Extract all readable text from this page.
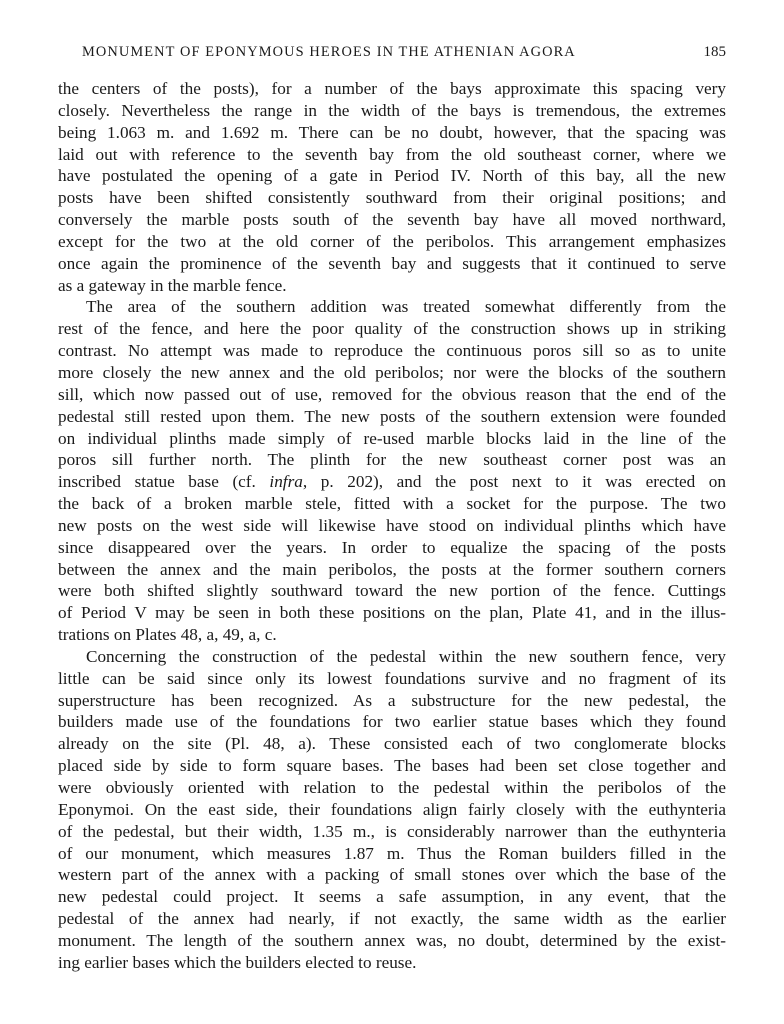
MONUMENT OF EPONYMOUS HEROES IN THE ATHENIAN AGORA	185

the centers of the posts), for a number of the bays approximate this spacing very
closely. Nevertheless the range in the width of the bays is tremendous, the extremes
being 1.063 m. and 1.692 m. There can be no doubt, however, that the spacing was
laid out with reference to the seventh bay from the old southeast corner, where we
have postulated the opening of a gate in Period IV. North of this bay, all the new
posts have been shifted consistently southward from their original positions; and
conversely the marble posts south of the seventh bay have all moved northward,
except for the two at the old corner of the peribolos. This arrangement emphasizes
once again the prominence of the seventh bay and suggests that it continued to serve
as a gateway in the marble fence.

The area of the southern addition was treated somewhat differently from the
rest of the fence, and here the poor quality of the construction shows up in striking
contrast. No attempt was made to reproduce the continuous poros sill so as to unite
more closely the new annex and the old peribolos; nor were the blocks of the southern
sill, which now passed out of use, removed for the obvious reason that the end of the
pedestal still rested upon them. The new posts of the southern extension were founded
on individual plinths made simply of re-used marble blocks laid in the line of the
poros sill further north. The plinth for the new southeast corner post was an
inscribed statue base (cf. infra, p. 202), and the post next to it was erected on
the back of a broken marble stele, fitted with a socket for the purpose. The two
new posts on the west side will likewise have stood on individual plinths which have
since disappeared over the years. In order to equalize the spacing of the posts
between the annex and the main peribolos, the posts at the former southern corners
were both shifted slightly southward toward the new portion of the fence. Cuttings
of Period V may be seen in both these positions on the plan, Plate 41, and in the illus-
trations on Plates 48, a, 49, a, c.

Concerning the construction of the pedestal within the new southern fence, very
little can be said since only its lowest foundations survive and no fragment of its
superstructure has been recognized. As a substructure for the new pedestal, the
builders made use of the foundations for two earlier statue bases which they found
already on the site (Pl. 48, a). These consisted each of two conglomerate blocks
placed side by side to form square bases. The bases had been set close together and
were obviously oriented with relation to the pedestal within the peribolos of the
Eponymoi. On the east side, their foundations align fairly closely with the euthynteria
of the pedestal, but their width, 1.35 m., is considerably narrower than the euthynteria
of our monument, which measures 1.87 m. Thus the Roman builders filled in the
western part of the annex with a packing of small stones over which the base of the
new pedestal could project. It seems a safe assumption, in any event, that the
pedestal of the annex had nearly, if not exactly, the same width as the earlier
monument. The length of the southern annex was, no doubt, determined by the exist-
ing earlier bases which the builders elected to reuse.
